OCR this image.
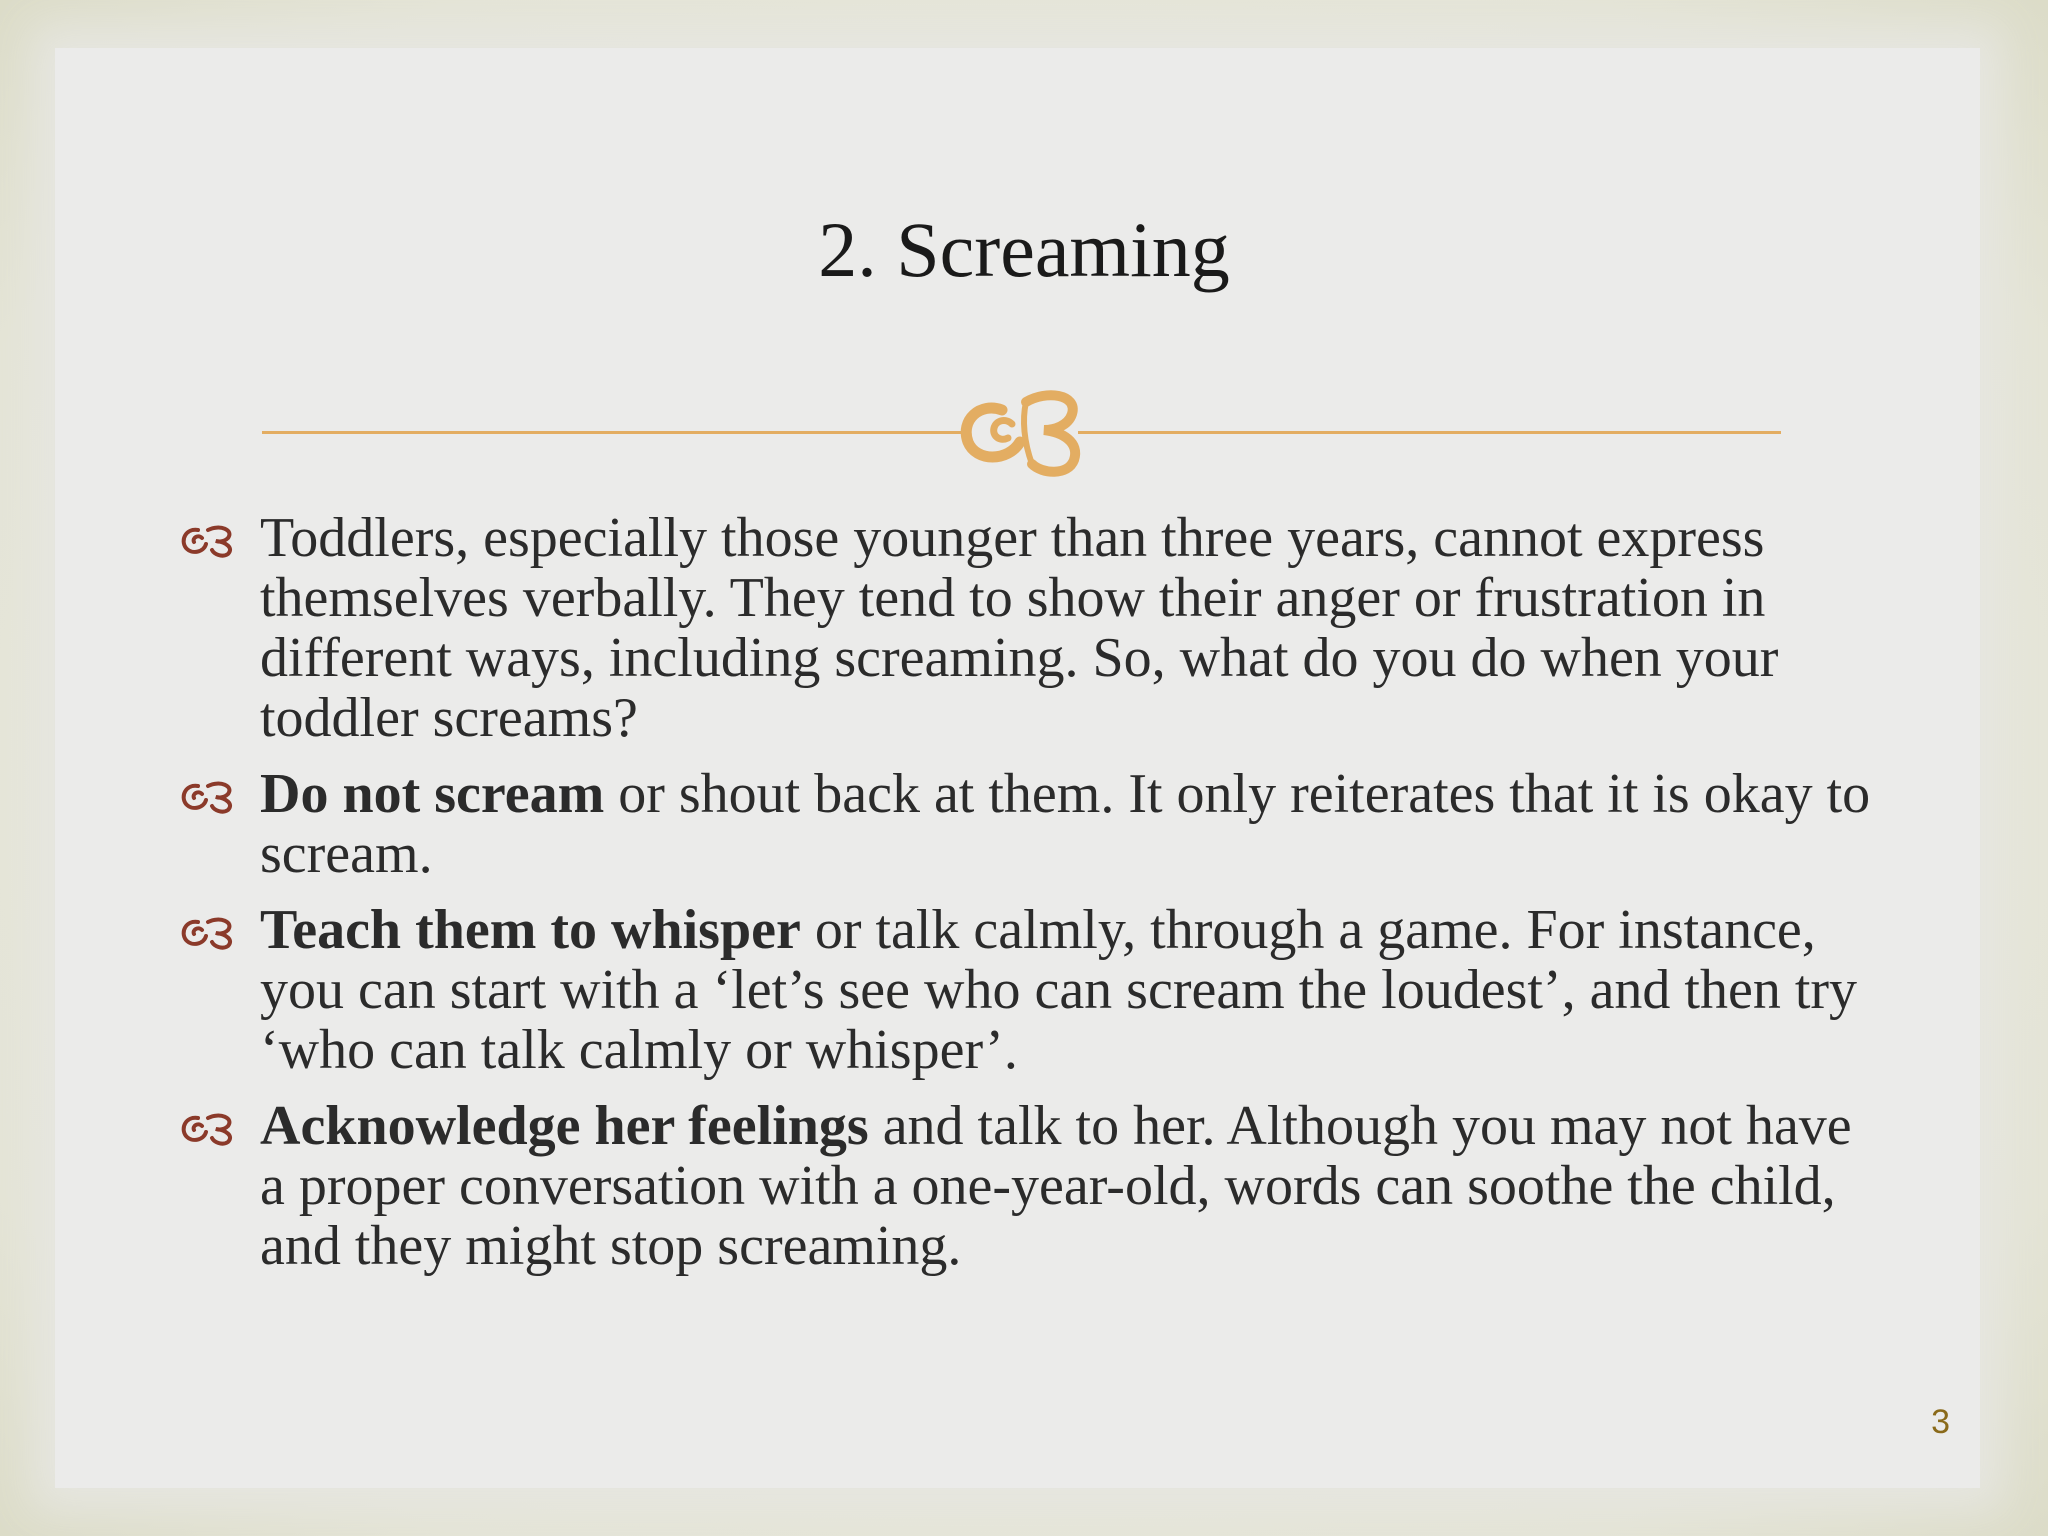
2. Screaming
Toddlers, especially those younger than three years, cannot express themselves verbally. They tend to show their anger or frustration in different ways, including screaming. So, what do you do when your toddler screams?
Do not scream or shout back at them. It only reiterates that it is okay to scream.
Teach them to whisper or talk calmly, through a game. For instance, you can start with a ‘let’s see who can scream the loudest’, and then try ‘who can talk calmly or whisper’.
Acknowledge her feelings and talk to her. Although you may not have a proper conversation with a one-year-old, words can soothe the child, and they might stop screaming.
3
